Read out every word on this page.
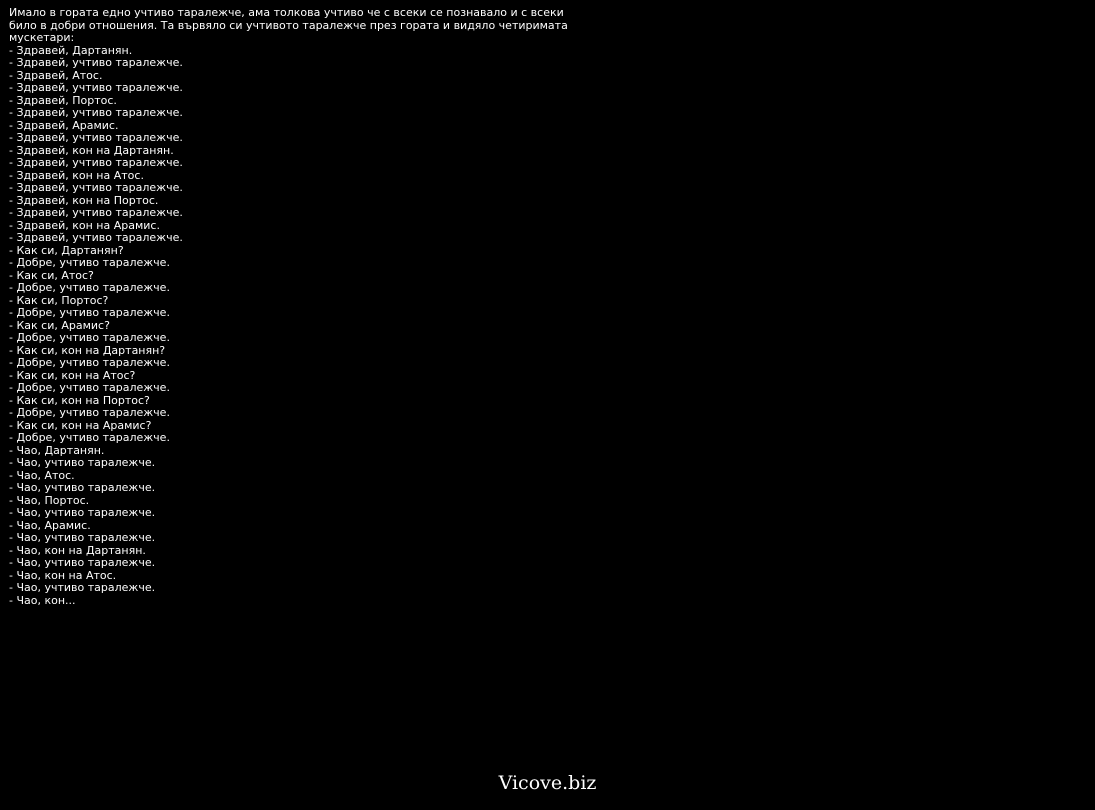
Имало в гората едно учтиво таралежче, ама толкова учтиво че с всеки се познавало и с всеки било в добри отношения. Та вървяло си учтивото таралежче през гората и видяло четиримата мускетари:

- Здравей, Дартанян.
- Здравей, учтиво таралежче.
- Здравей, Атос.
- Здравей, учтиво таралежче.
- Здравей, Портос.
- Здравей, учтиво таралежче.
- Здравей, Арамис.
- Здравей, учтиво таралежче.
- Здравей, кон на Дартанян.
- Здравей, учтиво таралежче.
- Здравей, кон на Атос.
- Здравей, учтиво таралежче.
- Здравей, кон на Портос.
- Здравей, учтиво таралежче.
- Здравей, кон на Арамис.
- Здравей, учтиво таралежче.
- Как си, Дартанян?
- Добре, учтиво таралежче.
- Как си, Атос?
- Добре, учтиво таралежче.
- Как си, Портос?
- Добре, учтиво таралежче.
- Как си, Арамис?
- Добре, учтиво таралежче.
- Как си, кон на Дартанян?
- Добре, учтиво таралежче.
- Как си, кон на Атос?
- Добре, учтиво таралежче.
- Как си, кон на Портос?
- Добре, учтиво таралежче.
- Как си, кон на Арамис?
- Добре, учтиво таралежче.
- Чао, Дартанян.
- Чао, учтиво таралежче.
- Чао, Атос.
- Чао, учтиво таралежче.
- Чао, Портос.
- Чао, учтиво таралежче.
- Чао, Арамис.
- Чао, учтиво таралежче.
- Чао, кон на Дартанян.
- Чао, учтиво таралежче.
- Чао, кон на Атос.
- Чао, учтиво таралежче.
- Чао, кон...
Vicove.biz
